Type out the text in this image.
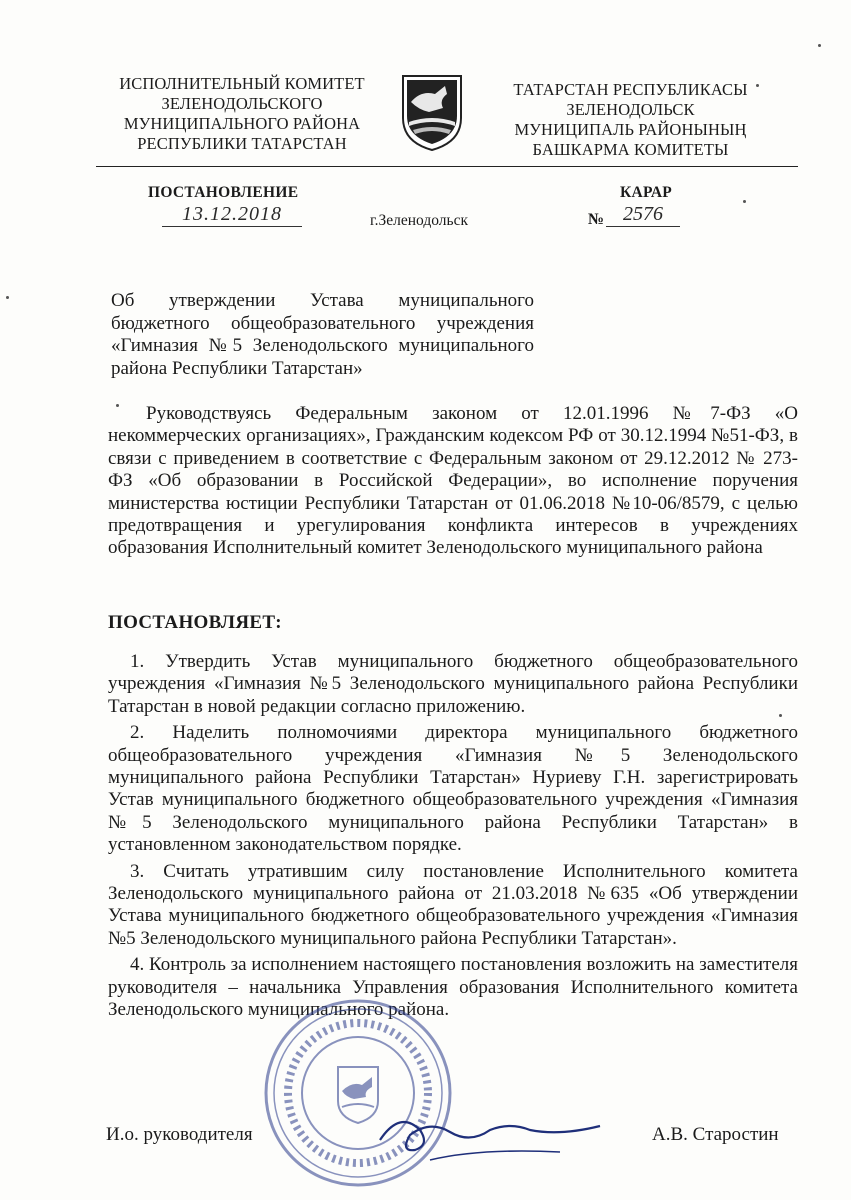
ИСПОЛНИТЕЛЬНЫЙ КОМИТЕТ
ЗЕЛЕНОДОЛЬСКОГО
МУНИЦИПАЛЬНОГО РАЙОНА
РЕСПУБЛИКИ ТАТАРСТАН
ТАТАРСТАН РЕСПУБЛИКАСЫ
ЗЕЛЕНОДОЛЬСК
МУНИЦИПАЛЬ РАЙОНЫНЫҢ
БАШКАРМА КОМИТЕТЫ
ПОСТАНОВЛЕНИЕ	КАРАР
13.12.2018	г.Зеленодольск	№ 2576
Об утверждении Устава муниципального бюджетного общеобразовательного учреждения «Гимназия №5 Зеленодольского муниципального района Республики Татарстан»
Руководствуясь Федеральным законом от 12.01.1996 №7-ФЗ «О некоммерческих организациях», Гражданским кодексом РФ от 30.12.1994 №51-ФЗ, в связи с приведением в соответствие с Федеральным законом от 29.12.2012 № 273-ФЗ «Об образовании в Российской Федерации», во исполнение поручения министерства юстиции Республики Татарстан от 01.06.2018 №10-06/8579, с целью предотвращения и урегулирования конфликта интересов в учреждениях образования Исполнительный комитет Зеленодольского муниципального района
ПОСТАНОВЛЯЕТ:

1. Утвердить Устав муниципального бюджетного общеобразовательного учреждения «Гимназия №5 Зеленодольского муниципального района Республики Татарстан в новой редакции согласно приложению.

2. Наделить полномочиями директора муниципального бюджетного общеобразовательного учреждения «Гимназия №5 Зеленодольского муниципального района Республики Татарстан» Нуриеву Г.Н. зарегистрировать Устав муниципального бюджетного общеобразовательного учреждения «Гимназия №5 Зеленодольского муниципального района Республики Татарстан» в установленном законодательством порядке.

3. Считать утратившим силу постановление Исполнительного комитета Зеленодольского муниципального района от 21.03.2018 №635 «Об утверждении Устава муниципального бюджетного общеобразовательного учреждения «Гимназия №5 Зеленодольского муниципального района Республики Татарстан».

4. Контроль за исполнением настоящего постановления возложить на заместителя руководителя – начальника Управления образования Исполнительного комитета Зеленодольского муниципального района.

И.о. руководителя	А.В. Старостин
